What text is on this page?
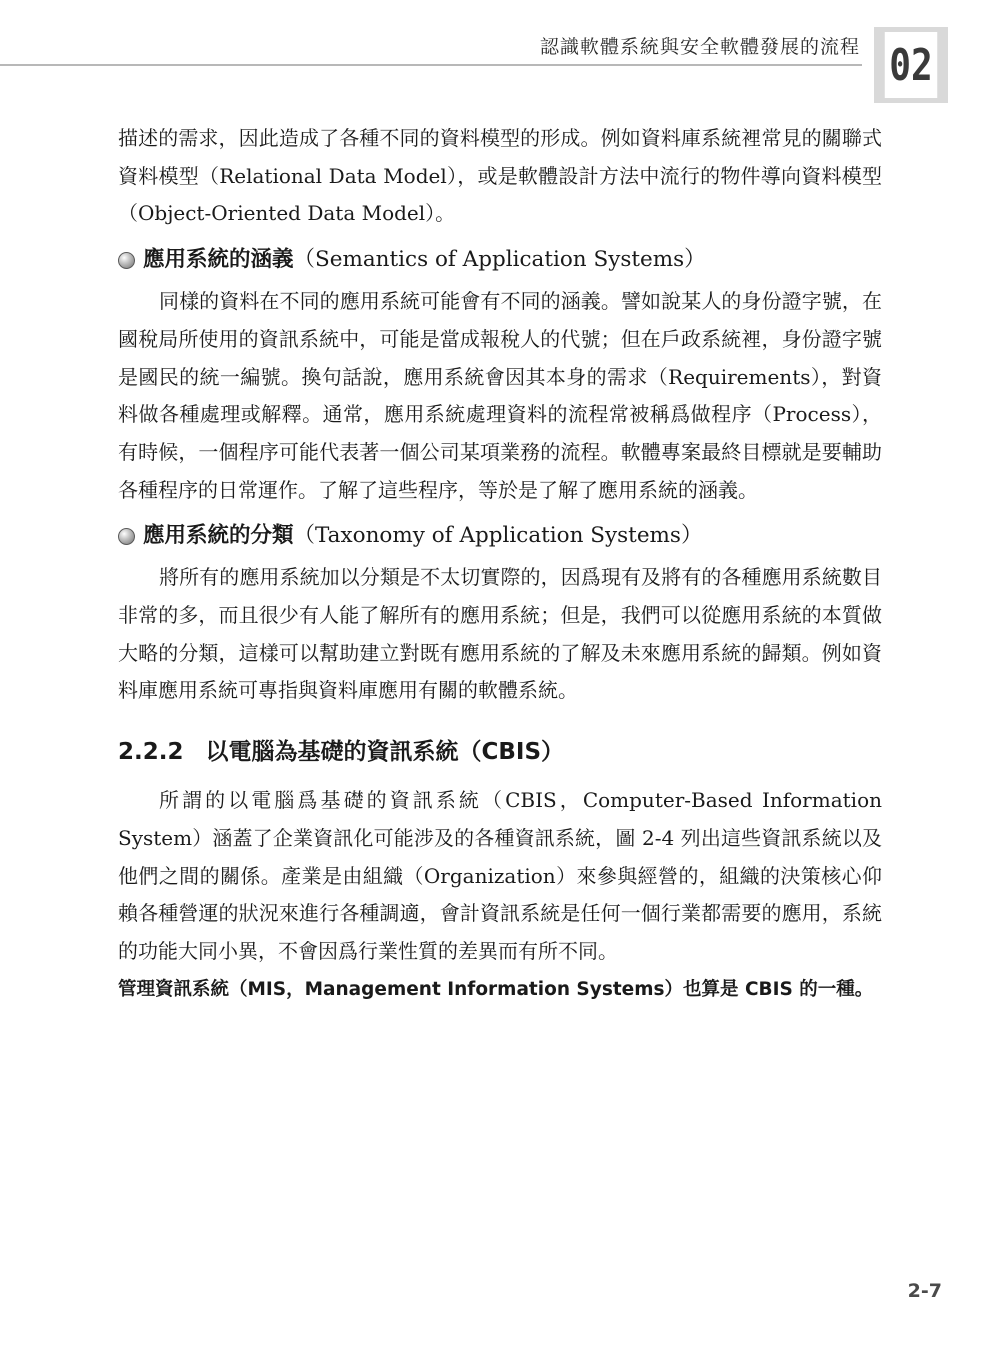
認識軟體系統與安全軟體發展的流程 02

描述的需求，因此造成了各種不同的資料模型的形成。例如資料庫系統裡常見的關聯式資料模型（Relational Data Model），或是軟體設計方法中流行的物件導向資料模型（Object-Oriented Data Model）。

應用系統的涵義 （Semantics of Application Systems）

同樣的資料在不同的應用系統可能會有不同的涵義。譬如說某人的身份證字號，在國稅局所使用的資訊系統中，可能是當成報稅人的代號；但在戶政系統裡，身份證字號是國民的統一編號。換句話說，應用系統會因其本身的需求（Requirements），對資料做各種處理或解釋。通常，應用系統處理資料的流程常被稱爲做程序（Process），有時候，一個程序可能代表著一個公司某項業務的流程。軟體專案最終目標就是要輔助各種程序的日常運作。了解了這些程序，等於是了解了應用系統的涵義。

應用系統的分類 （Taxonomy of Application Systems）

將所有的應用系統加以分類是不太切實際的，因爲現有及將有的各種應用系統數目非常的多，而且很少有人能了解所有的應用系統；但是，我們可以從應用系統的本質做大略的分類，這樣可以幫助建立對既有應用系統的了解及未來應用系統的歸類。例如資料庫應用系統可專指與資料庫應用有關的軟體系統。

2.2.2 以電腦為基礎的資訊系統（CBIS）

所謂的以電腦爲基礎的資訊系統（CBIS，Computer-Based Information System）涵蓋了企業資訊化可能涉及的各種資訊系統，圖 2-4 列出這些資訊系統以及他們之間的關係。產業是由組織（Organization）來參與經營的，組織的決策核心仰賴各種營運的狀況來進行各種調適，會計資訊系統是任何一個行業都需要的應用，系統的功能大同小異，不會因爲行業性質的差異而有所不同。

管理資訊系統（MIS，Management Information Systems）也算是 CBIS 的一種。

2-7
